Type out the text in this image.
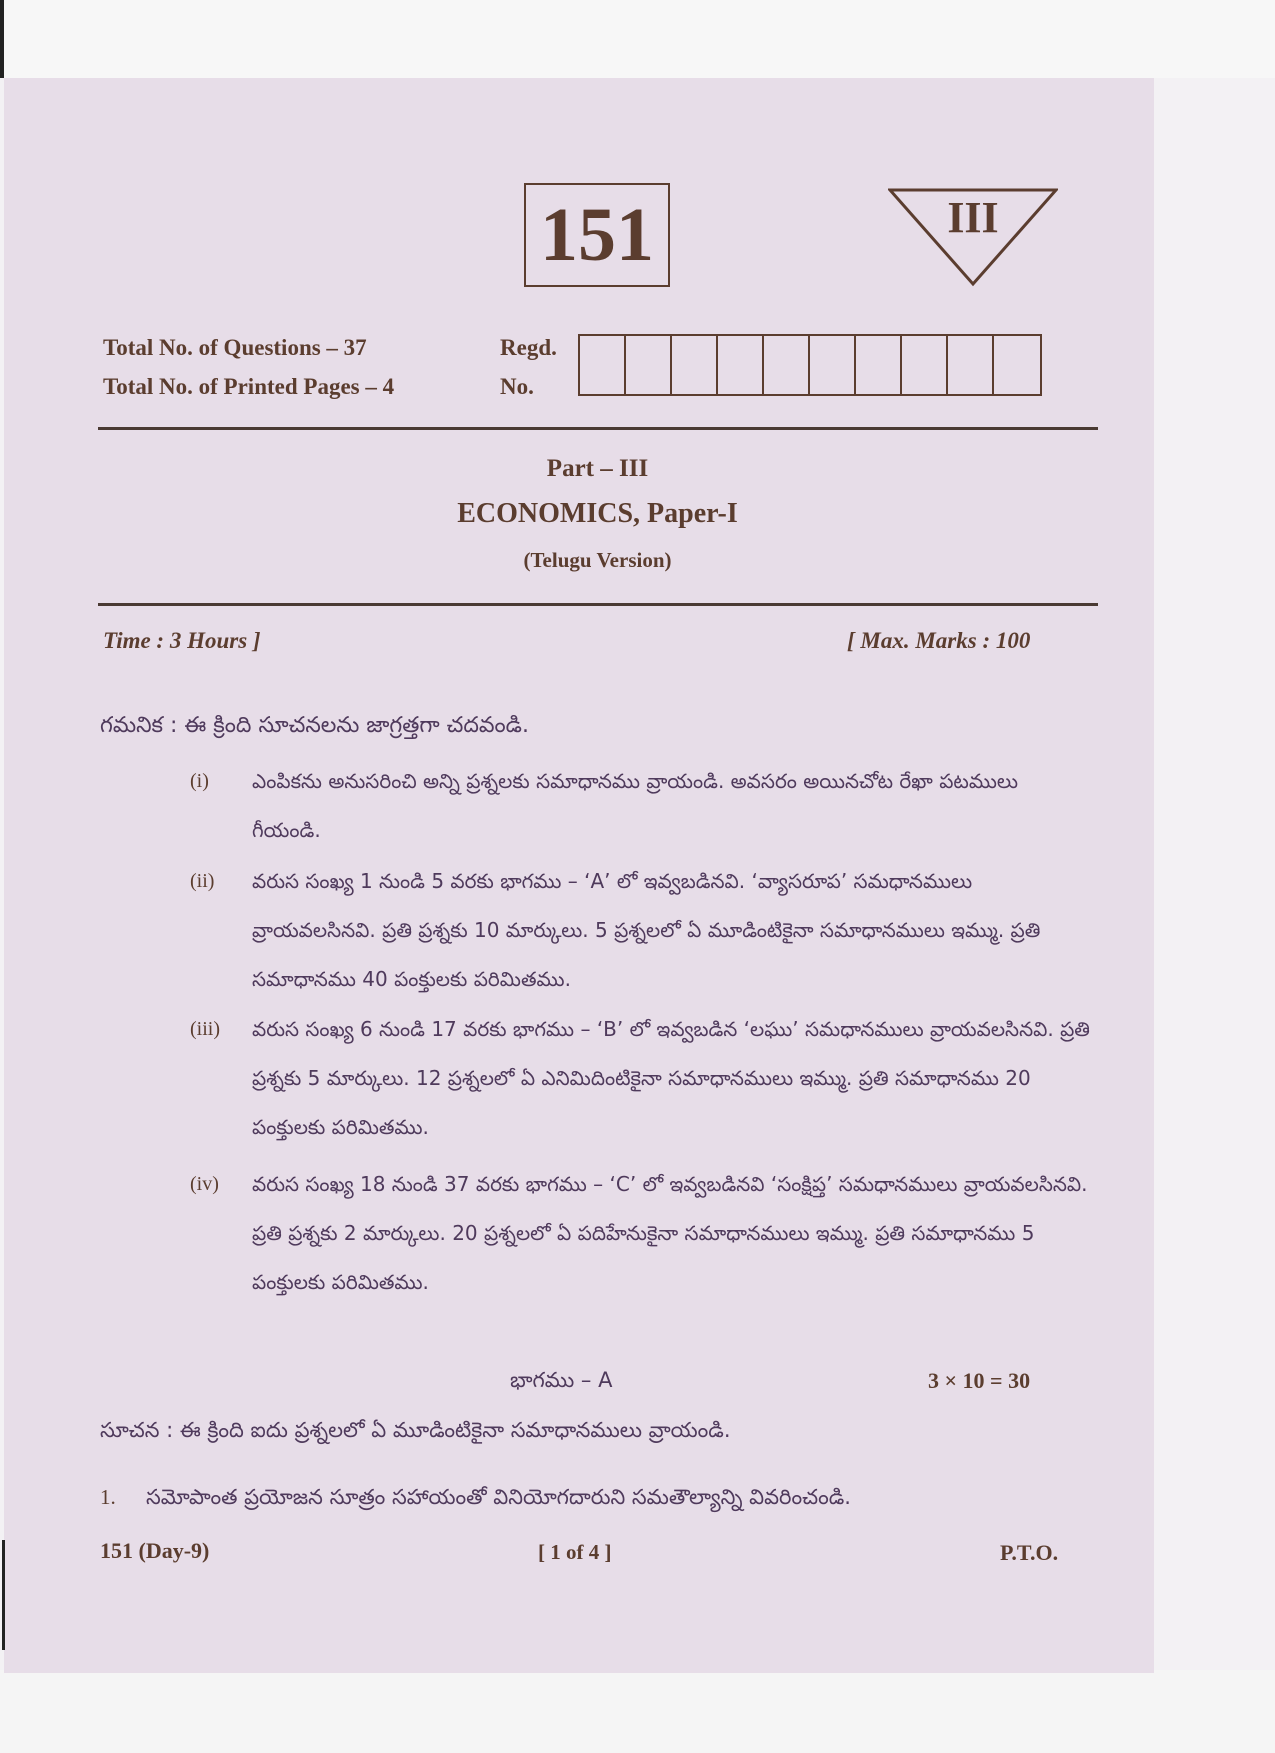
151	III
Total No. of Questions – 37
Total No. of Printed Pages – 4
Regd.
No.
Part – III
ECONOMICS, Paper-I
(Telugu Version)
Time : 3 Hours ]	[ Max. Marks : 100
గమనిక : ఈ క్రింది సూచనలను జాగ్రత్తగా చదవండి.
(i)	ఎంపికను అనుసరించి అన్ని ప్రశ్నలకు సమాధానము వ్రాయండి. అవసరం అయినచోట రేఖా పటములు గీయండి.
(ii)	వరుస సంఖ్య 1 నుండి 5 వరకు భాగము – ‘A’ లో ఇవ్వబడినవి. ‘వ్యాసరూప’ సమధానములు వ్రాయవలసినవి. ప్రతి ప్రశ్నకు 10 మార్కులు. 5 ప్రశ్నలలో ఏ మూడింటికైనా సమాధానములు ఇమ్ము. ప్రతి సమాధానము 40 పంక్తులకు పరిమితము.
(iii)	వరుస సంఖ్య 6 నుండి 17 వరకు భాగము – ‘B’ లో ఇవ్వబడిన ‘లఘు’ సమధానములు వ్రాయవలసినవి. ప్రతి ప్రశ్నకు 5 మార్కులు. 12 ప్రశ్నలలో ఏ ఎనిమిదింటికైనా సమాధానములు ఇమ్ము. ప్రతి సమాధానము 20 పంక్తులకు పరిమితము.
(iv)	వరుస సంఖ్య 18 నుండి 37 వరకు భాగము – ‘C’ లో ఇవ్వబడినవి ‘సంక్షిప్త’ సమధానములు వ్రాయవలసినవి. ప్రతి ప్రశ్నకు 2 మార్కులు. 20 ప్రశ్నలలో ఏ పదిహేనుకైనా సమాధానములు ఇమ్ము. ప్రతి సమాధానము 5 పంక్తులకు పరిమితము.
భాగము – A	3 × 10 = 30
సూచన : ఈ క్రింది ఐదు ప్రశ్నలలో ఏ మూడింటికైనా సమాధానములు వ్రాయండి.
1. సమోపాంత ప్రయోజన సూత్రం సహాయంతో వినియోగదారుని సమతౌల్యాన్ని వివరించండి.
151 (Day-9)	[ 1 of 4 ]	P.T.O.
